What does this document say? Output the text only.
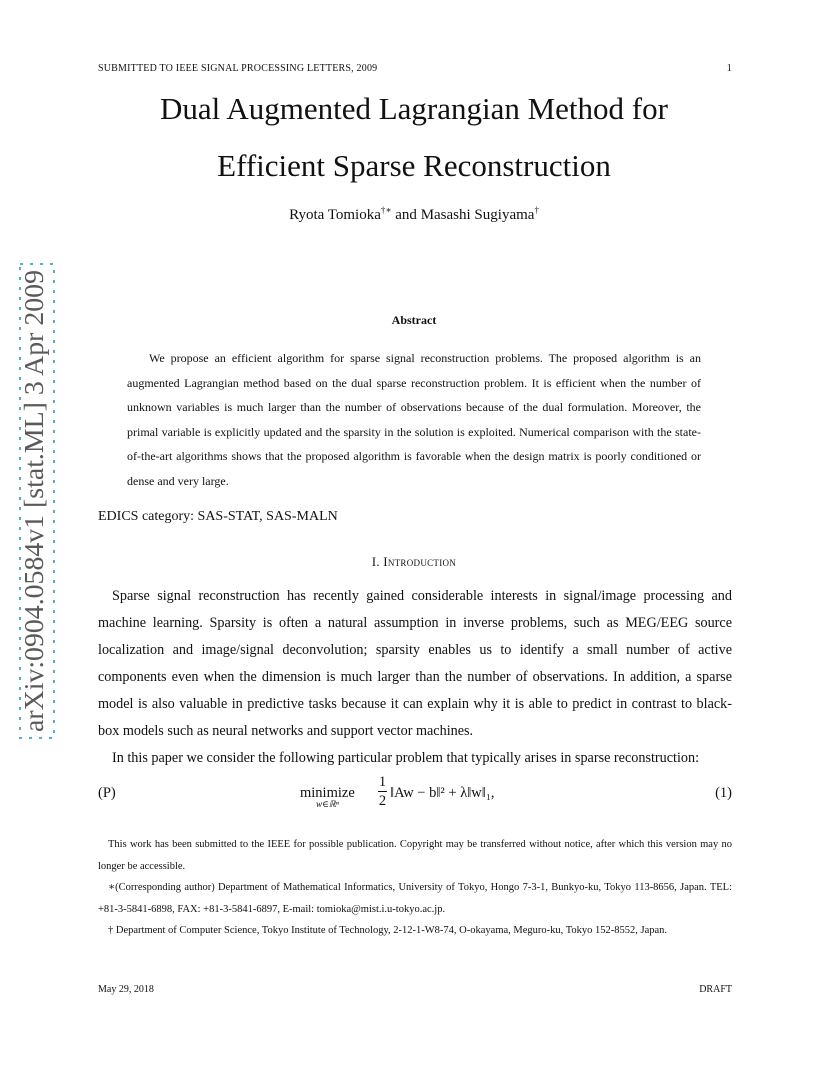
SUBMITTED TO IEEE SIGNAL PROCESSING LETTERS, 2009	1
Dual Augmented Lagrangian Method for
Efficient Sparse Reconstruction
Ryota Tomioka†∗ and Masashi Sugiyama†
Abstract
We propose an efficient algorithm for sparse signal reconstruction problems. The proposed algorithm is an augmented Lagrangian method based on the dual sparse reconstruction problem. It is efficient when the number of unknown variables is much larger than the number of observations because of the dual formulation. Moreover, the primal variable is explicitly updated and the sparsity in the solution is exploited. Numerical comparison with the state-of-the-art algorithms shows that the proposed algorithm is favorable when the design matrix is poorly conditioned or dense and very large.
EDICS category: SAS-STAT, SAS-MALN
I. Introduction

Sparse signal reconstruction has recently gained considerable interests in signal/image processing and machine learning. Sparsity is often a natural assumption in inverse problems, such as MEG/EEG source localization and image/signal deconvolution; sparsity enables us to identify a small number of active components even when the dimension is much larger than the number of observations. In addition, a sparse model is also valuable in predictive tasks because it can explain why it is able to predict in contrast to black-box models such as neural networks and support vector machines.

In this paper we consider the following particular problem that typically arises in sparse reconstruction:

(P)	minimize
w∈ℝⁿ
1
2 ‖Aw − b‖² + λ‖w‖₁,	(1)

This work has been submitted to the IEEE for possible publication. Copyright may be transferred without notice, after which this version may no longer be accessible.

∗(Corresponding author) Department of Mathematical Informatics, University of Tokyo, Hongo 7-3-1, Bunkyo-ku, Tokyo 113-8656, Japan. TEL: +81-3-5841-6898, FAX: +81-3-5841-6897, E-mail: tomioka@mist.i.u-tokyo.ac.jp.

† Department of Computer Science, Tokyo Institute of Technology, 2-12-1-W8-74, O-okayama, Meguro-ku, Tokyo 152-8552, Japan.

May 29, 2018	DRAFT
arXiv:0904.0584v1 [stat.ML] 3 Apr 2009
